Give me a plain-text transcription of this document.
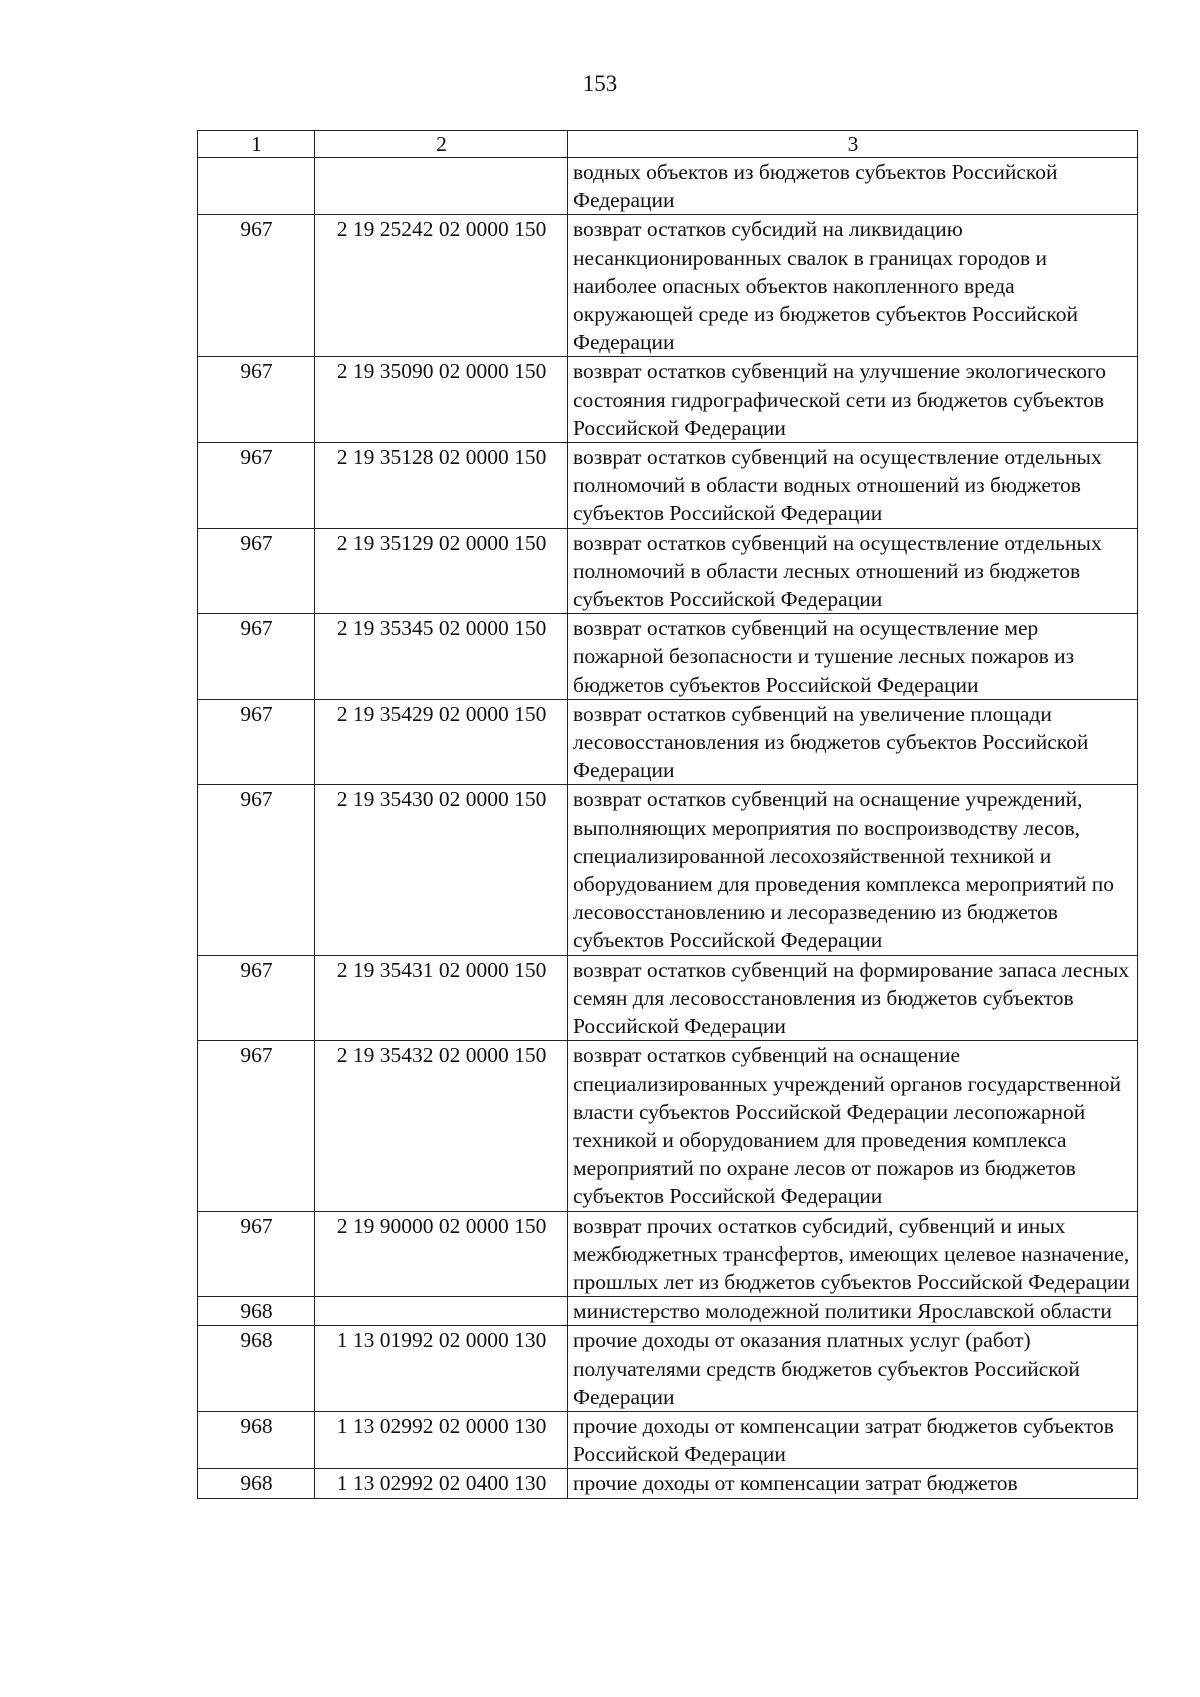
153
1	2	3
		водных объектов из бюджетов субъектов Российской Федерации
967	2 19 25242 02 0000 150	возврат остатков субсидий на ликвидацию несанкционированных свалок в границах городов и наиболее опасных объектов накопленного вреда окружающей среде из бюджетов субъектов Российской Федерации
967	2 19 35090 02 0000 150	возврат остатков субвенций на улучшение экологического состояния гидрографической сети из бюджетов субъектов Российской Федерации
967	2 19 35128 02 0000 150	возврат остатков субвенций на осуществление отдельных полномочий в области водных отношений из бюджетов субъектов Российской Федерации
967	2 19 35129 02 0000 150	возврат остатков субвенций на осуществление отдельных полномочий в области лесных отношений из бюджетов субъектов Российской Федерации
967	2 19 35345 02 0000 150	возврат остатков субвенций на осуществление мер пожарной безопасности и тушение лесных пожаров из бюджетов субъектов Российской Федерации
967	2 19 35429 02 0000 150	возврат остатков субвенций на увеличение площади лесовосстановления из бюджетов субъектов Российской Федерации
967	2 19 35430 02 0000 150	возврат остатков субвенций на оснащение учреждений, выполняющих мероприятия по воспроизводству лесов, специализированной лесохозяйственной техникой и оборудованием для проведения комплекса мероприятий по лесовосстановлению и лесоразведению из бюджетов субъектов Российской Федерации
967	2 19 35431 02 0000 150	возврат остатков субвенций на формирование запаса лесных семян для лесовосстановления из бюджетов субъектов Российской Федерации
967	2 19 35432 02 0000 150	возврат остатков субвенций на оснащение специализированных учреждений органов государственной власти субъектов Российской Федерации лесопожарной техникой и оборудованием для проведения комплекса мероприятий по охране лесов от пожаров из бюджетов субъектов Российской Федерации
967	2 19 90000 02 0000 150	возврат прочих остатков субсидий, субвенций и иных межбюджетных трансфертов, имеющих целевое назначение, прошлых лет из бюджетов субъектов Российской Федерации
968		министерство молодежной политики Ярославской области
968	1 13 01992 02 0000 130	прочие доходы от оказания платных услуг (работ) получателями средств бюджетов субъектов Российской Федерации
968	1 13 02992 02 0000 130	прочие доходы от компенсации затрат бюджетов субъектов Российской Федерации
968	1 13 02992 02 0400 130	прочие доходы от компенсации затрат бюджетов
